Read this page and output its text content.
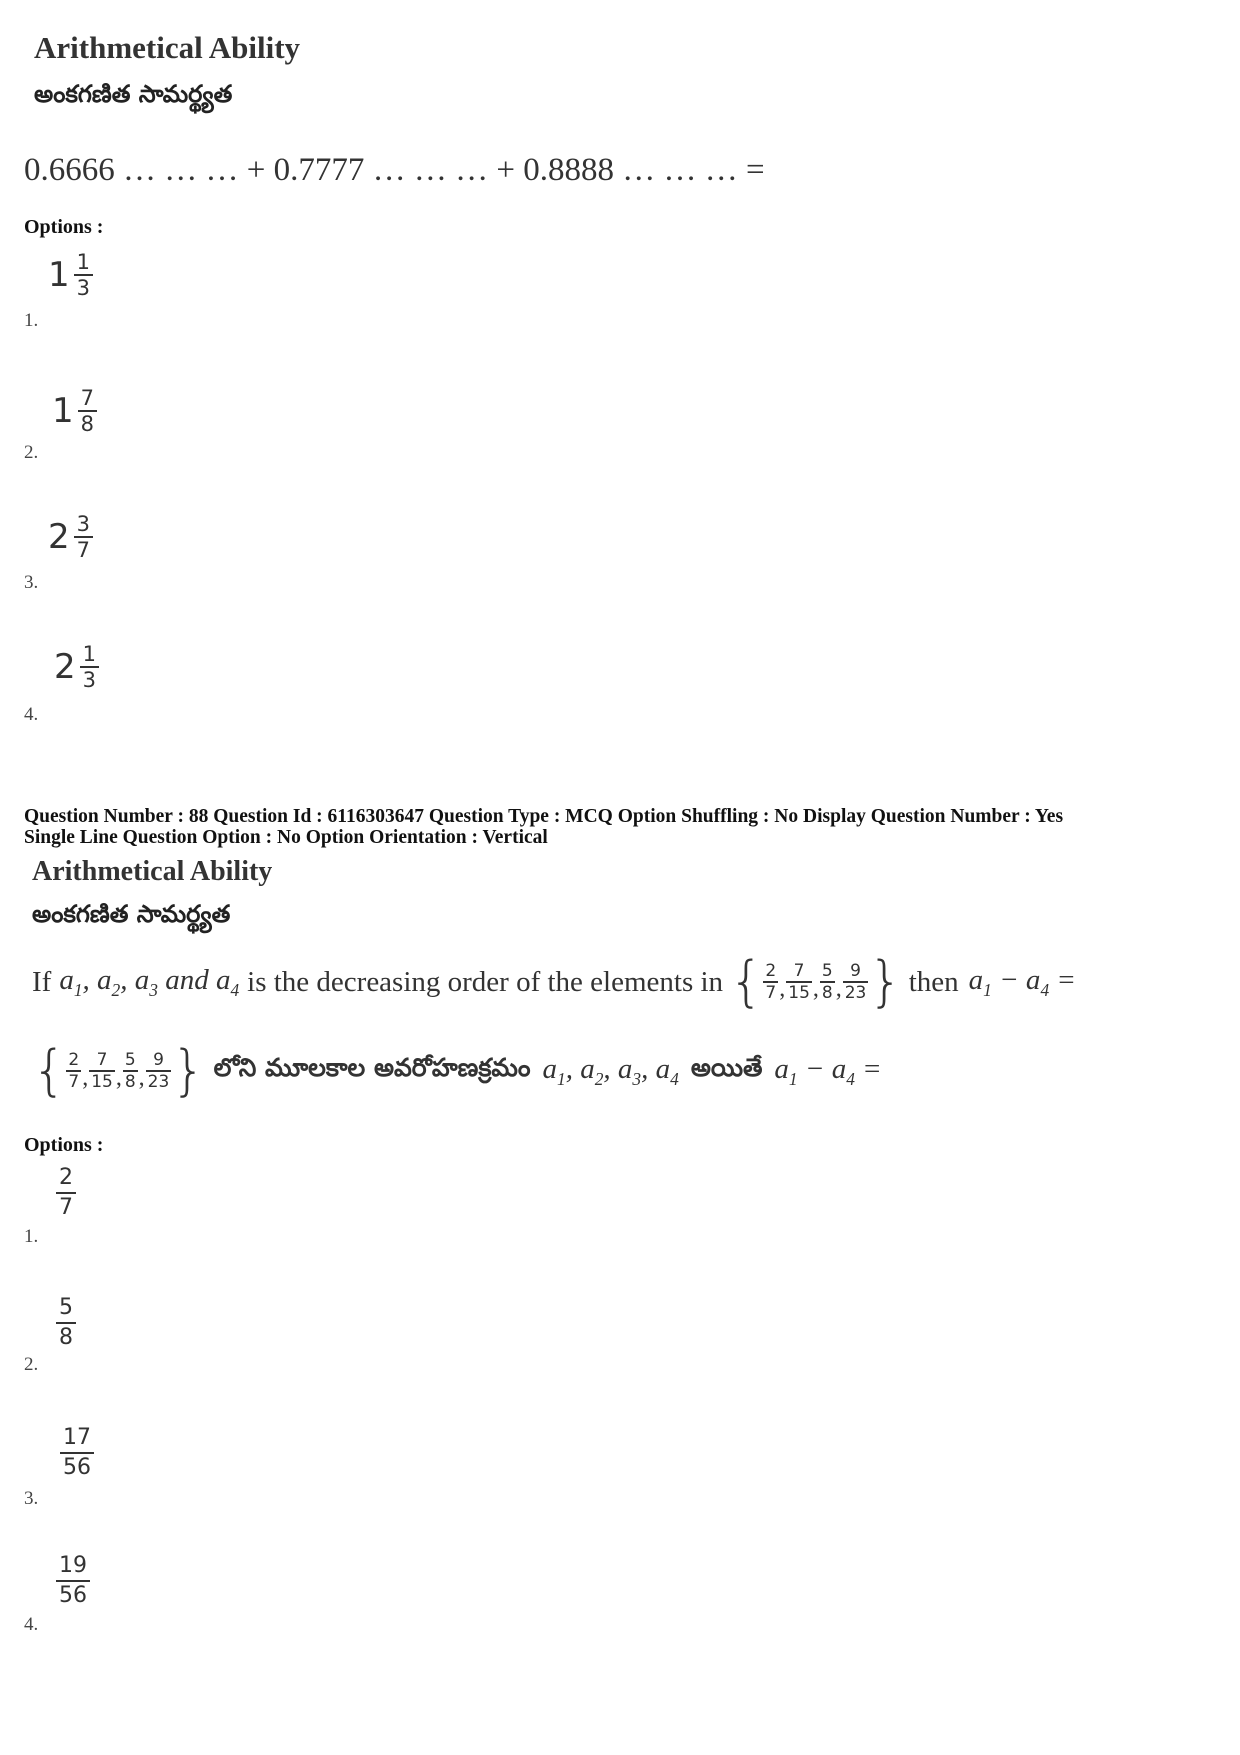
Arithmetical Ability
అంకగణిత సామర్థ్యత
0.6666 … … … + 0.7777 … … … + 0.8888 … … … =
Options :
$1 \frac{1}{3}$
1.
$1 \frac{7}{8}$
2.
$2 \frac{3}{7}$
3.
$2 \frac{1}{3}$
4.
Question Number : 88 Question Id : 6116303647 Question Type : MCQ Option Shuffling : No Display Question Number : Yes
Single Line Question Option : No Option Orientation : Vertical
Arithmetical Ability
అంకగణిత సామర్థ్యత
If $a_1$, $a_2$, $a_3$ and $a_4$ is the decreasing order of the elements in { $\frac{2}{7}$ , $\frac{7}{15}$ , $\frac{5}{8}$ , $\frac{9}{23}$ } then $a_1 - a_4$ =
{ $\frac{2}{7}$ , $\frac{7}{15}$ , $\frac{5}{8}$ , $\frac{9}{23}$ } లోని మూలకాల అవరోహణక్రమం $a_1$, $a_2$, $a_3$, $a_4$ అయితే $a_1 - a_4$ =
Options :
2
7
1.
5
8
2.
17
56
3.
19
56
4.
